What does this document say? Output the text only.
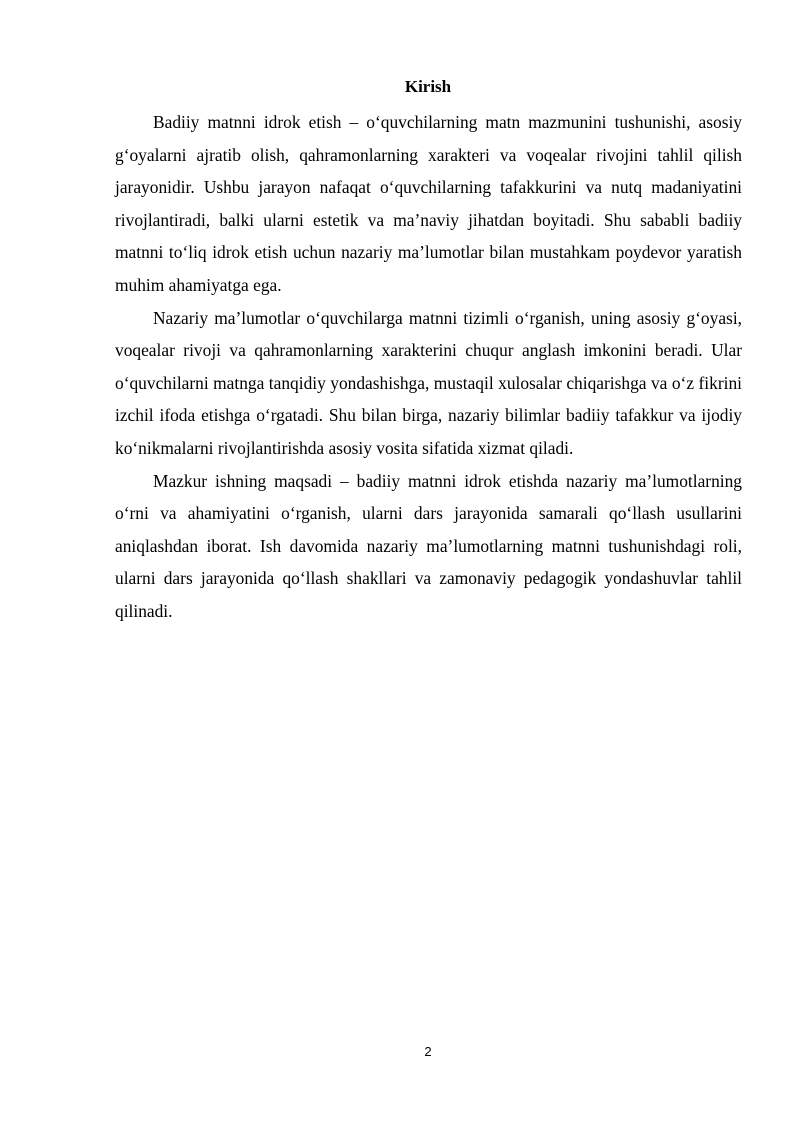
Kirish

Badiiy matnni idrok etish – o‘quvchilarning matn mazmunini tushunishi, asosiy g‘oyalarni ajratib olish, qahramonlarning xarakteri va voqealar rivojini tahlil qilish jarayonidir. Ushbu jarayon nafaqat o‘quvchilarning tafakkurini va nutq madaniyatini rivojlantiradi, balki ularni estetik va ma’naviy jihatdan boyitadi. Shu sababli badiiy matnni to‘liq idrok etish uchun nazariy ma’lumotlar bilan mustahkam poydevor yaratish muhim ahamiyatga ega.

Nazariy ma’lumotlar o‘quvchilarga matnni tizimli o‘rganish, uning asosiy g‘oyasi, voqealar rivoji va qahramonlarning xarakterini chuqur anglash imkonini beradi. Ular o‘quvchilarni matnga tanqidiy yondashishga, mustaqil xulosalar chiqarishga va o‘z fikrini izchil ifoda etishga o‘rgatadi. Shu bilan birga, nazariy bilimlar badiiy tafakkur va ijodiy ko‘nikmalarni rivojlantirishda asosiy vosita sifatida xizmat qiladi.

Mazkur ishning maqsadi – badiiy matnni idrok etishda nazariy ma’lumotlarning o‘rni va ahamiyatini o‘rganish, ularni dars jarayonida samarali qo‘llash usullarini aniqlashdan iborat. Ish davomida nazariy ma’lumotlarning matnni tushunishdagi roli, ularni dars jarayonida qo‘llash shakllari va zamonaviy pedagogik yondashuvlar tahlil qilinadi.

2
